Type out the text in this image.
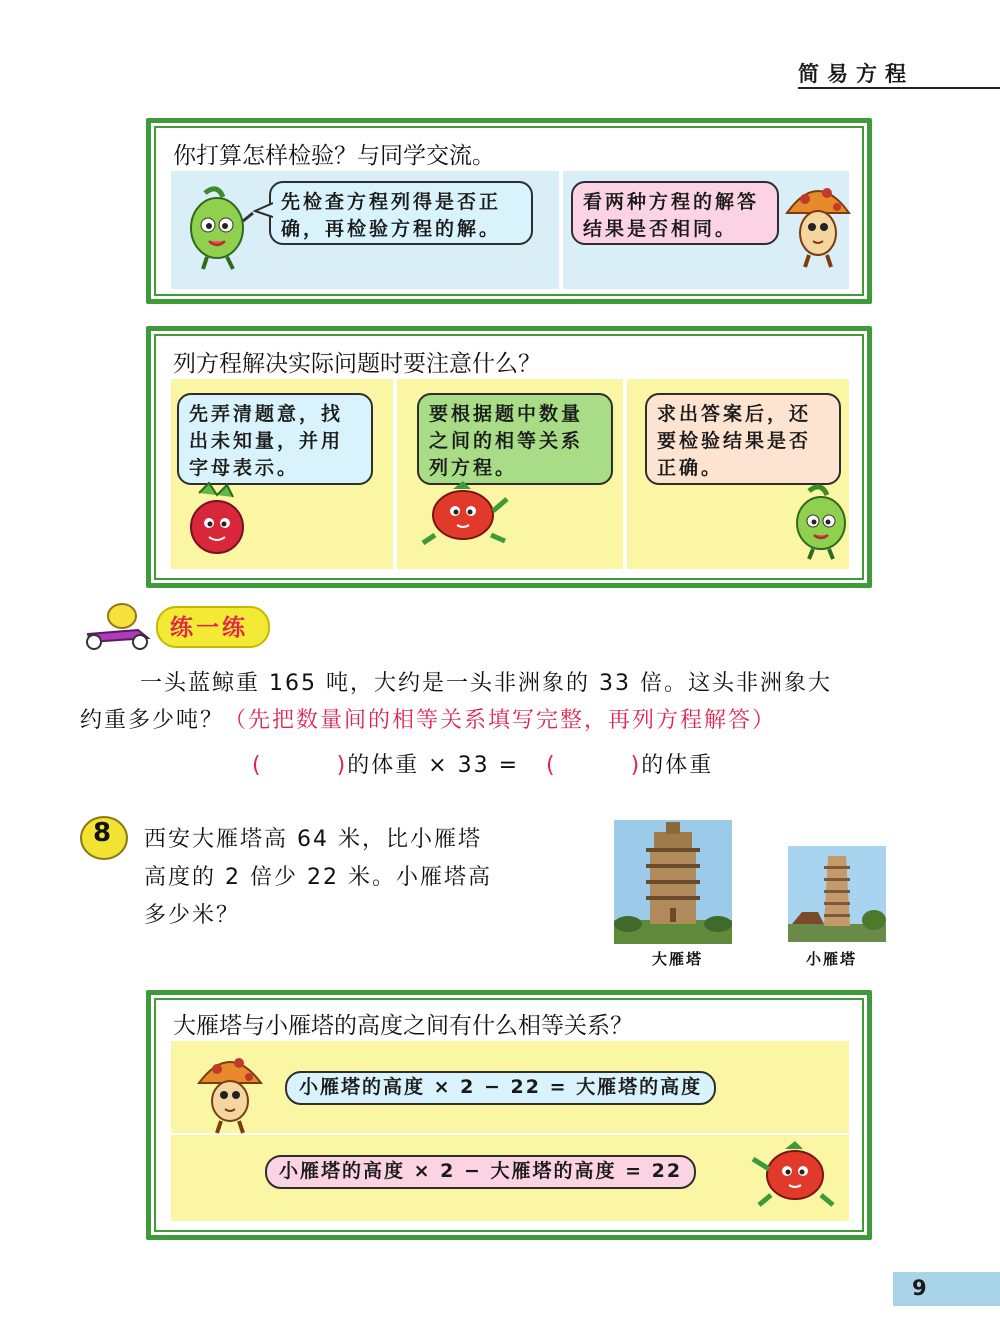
简易方程
你打算怎样检验？与同学交流。
先检查方程列得是否正确，再检验方程的解。
看两种方程的解答结果是否相同。
列方程解决实际问题时要注意什么？
先弄清题意，找出未知量，并用字母表示。
要根据题中数量之间的相等关系列方程。
求出答案后，还要检验结果是否正确。
练一练
一头蓝鲸重 165 吨，大约是一头非洲象的 33 倍。这头非洲象大
约重多少吨？（先把数量间的相等关系填写完整，再列方程解答）
(	)的体重 × 33 = (	)的体重
8 西安大雁塔高 64 米，比小雁塔
高度的 2 倍少 22 米。小雁塔高
多少米？
大雁塔	小雁塔
大雁塔与小雁塔的高度之间有什么相等关系？
小雁塔的高度 × 2 − 22 = 大雁塔的高度
小雁塔的高度 × 2 − 大雁塔的高度 = 22
9
